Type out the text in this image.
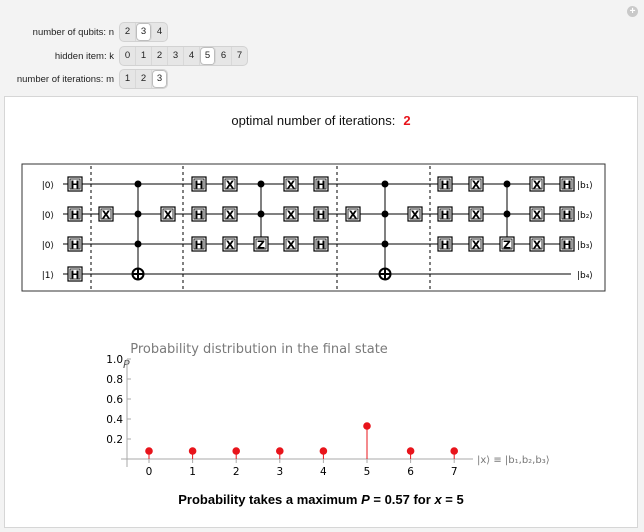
+
number of qubits: n	2	3	4
hidden item: k	0	1	2	3	4	5	6	7
number of iterations: m	1	2	3
optimal number of iterations: 2
|0⟩	|b₁⟩
|0⟩	|b₂⟩
|0⟩	|b₃⟩
|1⟩	|b₄⟩
H
H
H
H
X	X
H X
H X
H X Z
X H
X H
X H
X	X
H X
H X
H X Z
X H
X H
X H
Probability distribution in the final state
P
0.2
0.4
0.6
0.8
1.0
0	1	2	3	4	5	6	7
|x⟩ ≡ |b₁,b₂,b₃⟩
Probability takes a maximum P = 0.57 for x = 5
